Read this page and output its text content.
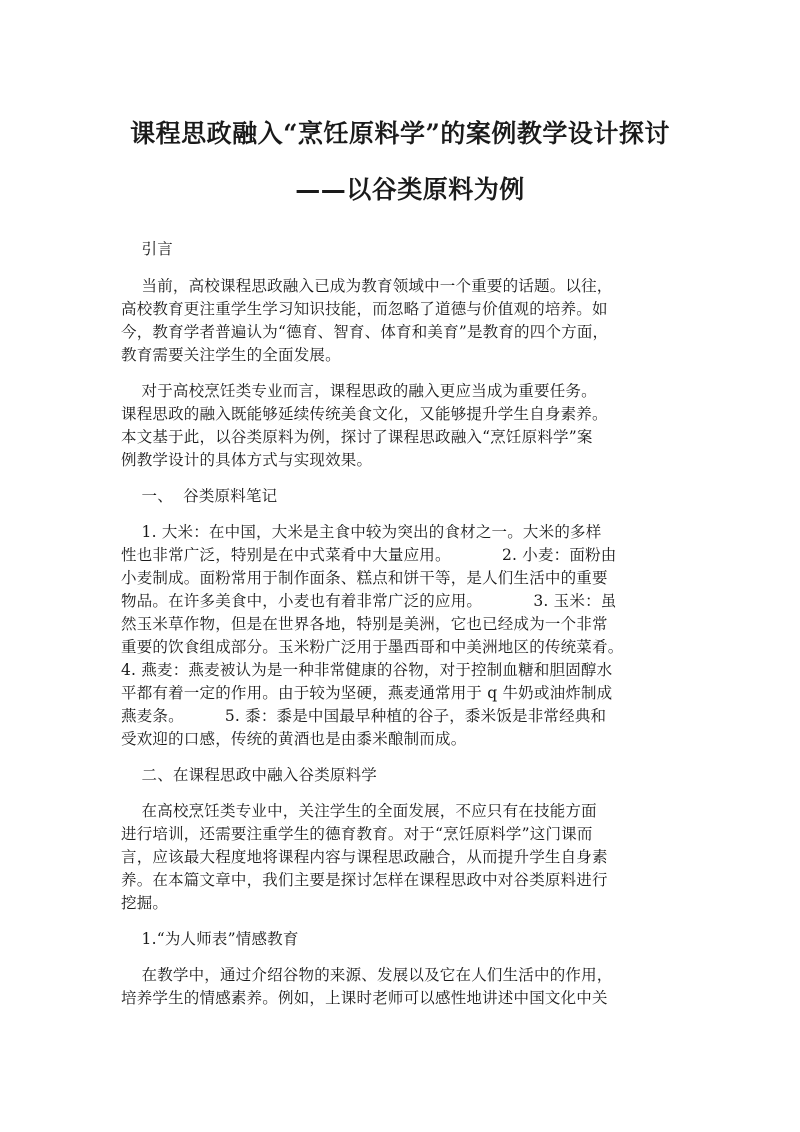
课程思政融入“烹饪原料学”的案例教学设计探讨
——以谷类原料为例
引言
当前，高校课程思政融入已成为教育领域中一个重要的话题。以往，
高校教育更注重学生学习知识技能，而忽略了道德与价值观的培养。如
今，教育学者普遍认为“德育、智育、体育和美育”是教育的四个方面，
教育需要关注学生的全面发展。
对于高校烹饪类专业而言，课程思政的融入更应当成为重要任务。
课程思政的融入既能够延续传统美食文化，又能够提升学生自身素养。
本文基于此，以谷类原料为例，探讨了课程思政融入“烹饪原料学”案
例教学设计的具体方式与实现效果。
一、  谷类原料笔记
1. 大米：在中国，大米是主食中较为突出的食材之一。大米的多样
性也非常广泛，特别是在中式菜肴中大量应用。          2. 小麦：面粉由
小麦制成。面粉常用于制作面条、糕点和饼干等，是人们生活中的重要
物品。在许多美食中，小麦也有着非常广泛的应用。          3. 玉米：虽
然玉米草作物，但是在世界各地，特别是美洲，它也已经成为一个非常
重要的饮食组成部分。玉米粉广泛用于墨西哥和中美洲地区的传统菜肴。
4. 燕麦：燕麦被认为是一种非常健康的谷物，对于控制血糖和胆固醇水
平都有着一定的作用。由于较为坚硬，燕麦通常用于 q 牛奶或油炸制成
燕麦条。        5. 黍：黍是中国最早种植的谷子，黍米饭是非常经典和
受欢迎的口感，传统的黄酒也是由黍米酿制而成。
二、在课程思政中融入谷类原料学
在高校烹饪类专业中，关注学生的全面发展，不应只有在技能方面
进行培训，还需要注重学生的德育教育。对于“烹饪原料学”这门课而
言，应该最大程度地将课程内容与课程思政融合，从而提升学生自身素
养。在本篇文章中，我们主要是探讨怎样在课程思政中对谷类原料进行
挖掘。
1.“为人师表”情感教育
在教学中，通过介绍谷物的来源、发展以及它在人们生活中的作用，
培养学生的情感素养。例如，上课时老师可以感性地讲述中国文化中关
